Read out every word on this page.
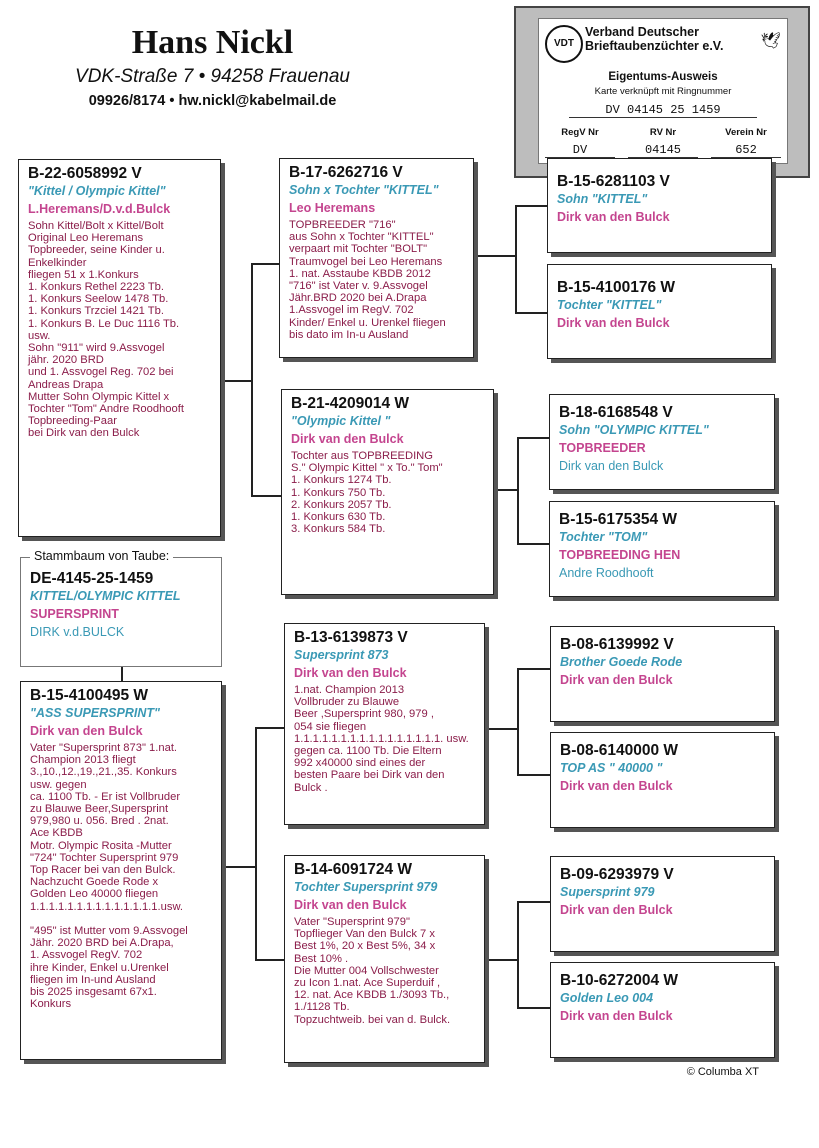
Hans Nickl
VDK-Straße 7 • 94258 Frauenau
09926/8174 • hw.nickl@kabelmail.de
VDT
Verband Deutscher
Brieftaubenzüchter e.V. 🕊
Eigentums-Ausweis
Karte verknüpft mit Ringnummer
DV 04145 25 1459
RegV Nr	RV Nr	Verein Nr
DV	04145	652
B-22-6058992 V
"Kittel / Olympic Kittel"
L.Heremans/D.v.d.Bulck
Sohn Kittel/Bolt x Kittel/Bolt
Original Leo Heremans
Topbreeder, seine Kinder u.
Enkelkinder
fliegen 51 x 1.Konkurs
1. Konkurs Rethel 2223 Tb.
1. Konkurs Seelow 1478 Tb.
1. Konkurs Trzciel 1421 Tb.
1. Konkurs B. Le Duc 1116 Tb.
usw.
Sohn "911" wird 9.Assvogel
jähr. 2020 BRD
und 1. Assvogel Reg. 702 bei
Andreas Drapa
Mutter Sohn Olympic Kittel x
Tochter "Tom" Andre Roodhooft
Topbreeding-Paar
bei Dirk van den Bulck
B-17-6262716 V
Sohn x Tochter "KITTEL"
Leo Heremans
TOPBREEDER "716"
aus Sohn x Tochter "KITTEL"
verpaart mit Tochter "BOLT"
Traumvogel bei Leo Heremans
1. nat. Asstaube KBDB 2012
"716" ist Vater v. 9.Assvogel
Jähr.BRD 2020 bei A.Drapa
1.Assvogel im RegV. 702
Kinder/ Enkel u. Urenkel fliegen
bis dato im In-u Ausland
B-21-4209014 W
"Olympic Kittel "
Dirk van den Bulck
Tochter aus TOPBREEDING
S." Olympic Kittel " x To." Tom"
1. Konkurs 1274 Tb.
1. Konkurs 750 Tb.
2. Konkurs 2057 Tb.
1. Konkurs 630 Tb.
3. Konkurs 584 Tb.
B-15-6281103 V
Sohn "KITTEL"
Dirk van den Bulck
B-15-4100176 W
Tochter "KITTEL"
Dirk van den Bulck
B-18-6168548 V
Sohn "OLYMPIC KITTEL"
TOPBREEDER
Dirk van den Bulck
B-15-6175354 W
Tochter "TOM"
TOPBREEDING HEN
Andre Roodhooft
DE-4145-25-1459
KITTEL/OLYMPIC KITTEL
SUPERSPRINT
DIRK v.d.BULCK
Stammbaum von Taube:
B-15-4100495 W
"ASS SUPERSPRINT"
Dirk van den Bulck
Vater "Supersprint 873" 1.nat.
Champion 2013 fliegt
3.,10.,12.,19.,21.,35. Konkurs
usw. gegen
ca. 1100 Tb. - Er ist Vollbruder
zu Blauwe Beer,Supersprint
979,980 u. 056. Bred . 2nat.
Ace KBDB
Motr. Olympic Rosita -Mutter
"724" Tochter Supersprint 979
Top Racer bei van den Bulck.
Nachzucht Goede Rode x
Golden Leo 40000 fliegen
1.1.1.1.1.1.1.1.1.1.1.1.1.1.usw.

"495" ist Mutter vom 9.Assvogel
Jähr. 2020 BRD bei A.Drapa,
1. Assvogel RegV. 702
ihre Kinder, Enkel u.Urenkel
fliegen im In-und Ausland
bis 2025 insgesamt 67x1.
Konkurs
B-13-6139873 V
Supersprint 873
Dirk van den Bulck
1.nat. Champion 2013
Vollbruder zu Blauwe
Beer ,Supersprint 980, 979 ,
054 sie fliegen
1.1.1.1.1.1.1.1.1.1.1.1.1.1.1.1. usw.
gegen ca. 1100 Tb. Die Eltern
992 x40000 sind eines der
besten Paare bei Dirk van den
Bulck .
B-14-6091724 W
Tochter Supersprint 979
Dirk van den Bulck
Vater "Supersprint 979"
Topflieger Van den Bulck 7 x
Best 1%, 20 x Best 5%, 34 x
Best 10% .
Die Mutter 004 Vollschwester
zu Icon 1.nat. Ace Superduif ,
12. nat. Ace KBDB 1./3093 Tb.,
1./1128 Tb.
Topzuchtweib. bei van d. Bulck.
B-08-6139992 V
Brother Goede Rode
Dirk van den Bulck
B-08-6140000 W
TOP AS " 40000 "
Dirk van den Bulck
B-09-6293979 V
Supersprint 979
Dirk van den Bulck
B-10-6272004 W
Golden Leo 004
Dirk van den Bulck
© Columba XT
